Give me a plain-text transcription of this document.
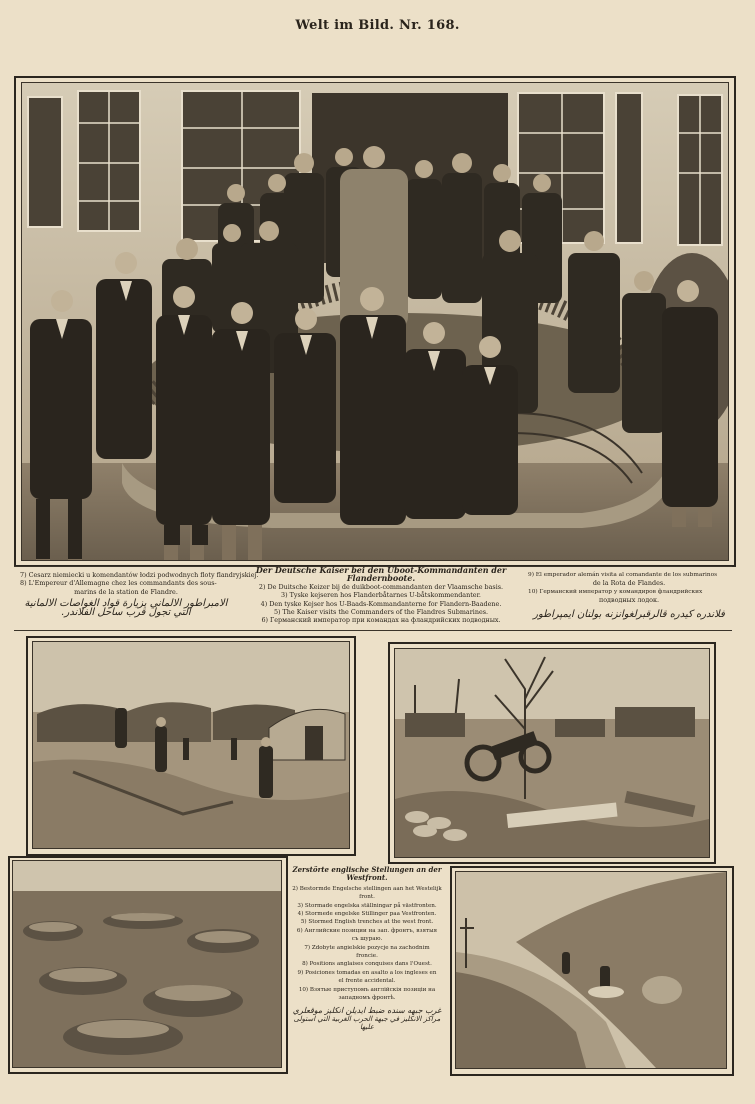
Welt im Bild. Nr. 168.
7) Cesarz niemiecki u komendantów łodzi podwodnych floty flandryjskiej.
8) L'Empereur d'Allemagne chez les commandants des sous-
marins de la station de Flandre.
الامبراطور الالماني يزيارة قواد الغواصات الالمانية
التي تجول قرب ساحل الفلاندر.
Der Deutsche Kaiser bei den Uboot-Kommandanten der Flandernboote.
2) De Duitsche Keizer bij de duikboot-commandanten der Vlaamsche basis.
3) Tyske kejseren hos Flanderbåtarnes U-båtskommendanter.
4) Den tyske Kejser hos U-Baads-Kommandanterne for Flandern-Baadene.
5) The Kaiser visits the Commanders of the Flandres Submarines.
6) Германский император при командах на фландрийских подводных.
9) El emperador alemán visita al comandante de los submarinos
de la Rota de Flandes.
10) Германский император у командиров фландрийских
подводных лодок.
فلاندره كيدره قالرقبرلغوانزنه بولنان ايمپراطور
Zerstörte englische Stellungen an der
Westfront.
2) Bestormde Engelsche stellingen aan het Westelijk
front.
3) Stormade engelska ställningar på västfronten.
4) Stormede engelske Stillinger paa Vestfronten.
5) Stormed English trenches at the west front.
6) Английские позиции на зап. фронтъ, взятыя
съ шураю.
7) Zdobyte angielskie pozycje na zachodnim
froncie.
8) Positions anglaises conquises dans l'Ouest.
9) Posiciones tomadas en asalto a los ingleses en
el frente accidental.
10) Взятые приступомъ англійскія позиціи на
западномъ фронтѣ.
غرب جبهه سنده ضبط ايديلن انكليز موقعلري
مراكز الانكليز في جبهة الحرب الغربية التي استولى عليها
